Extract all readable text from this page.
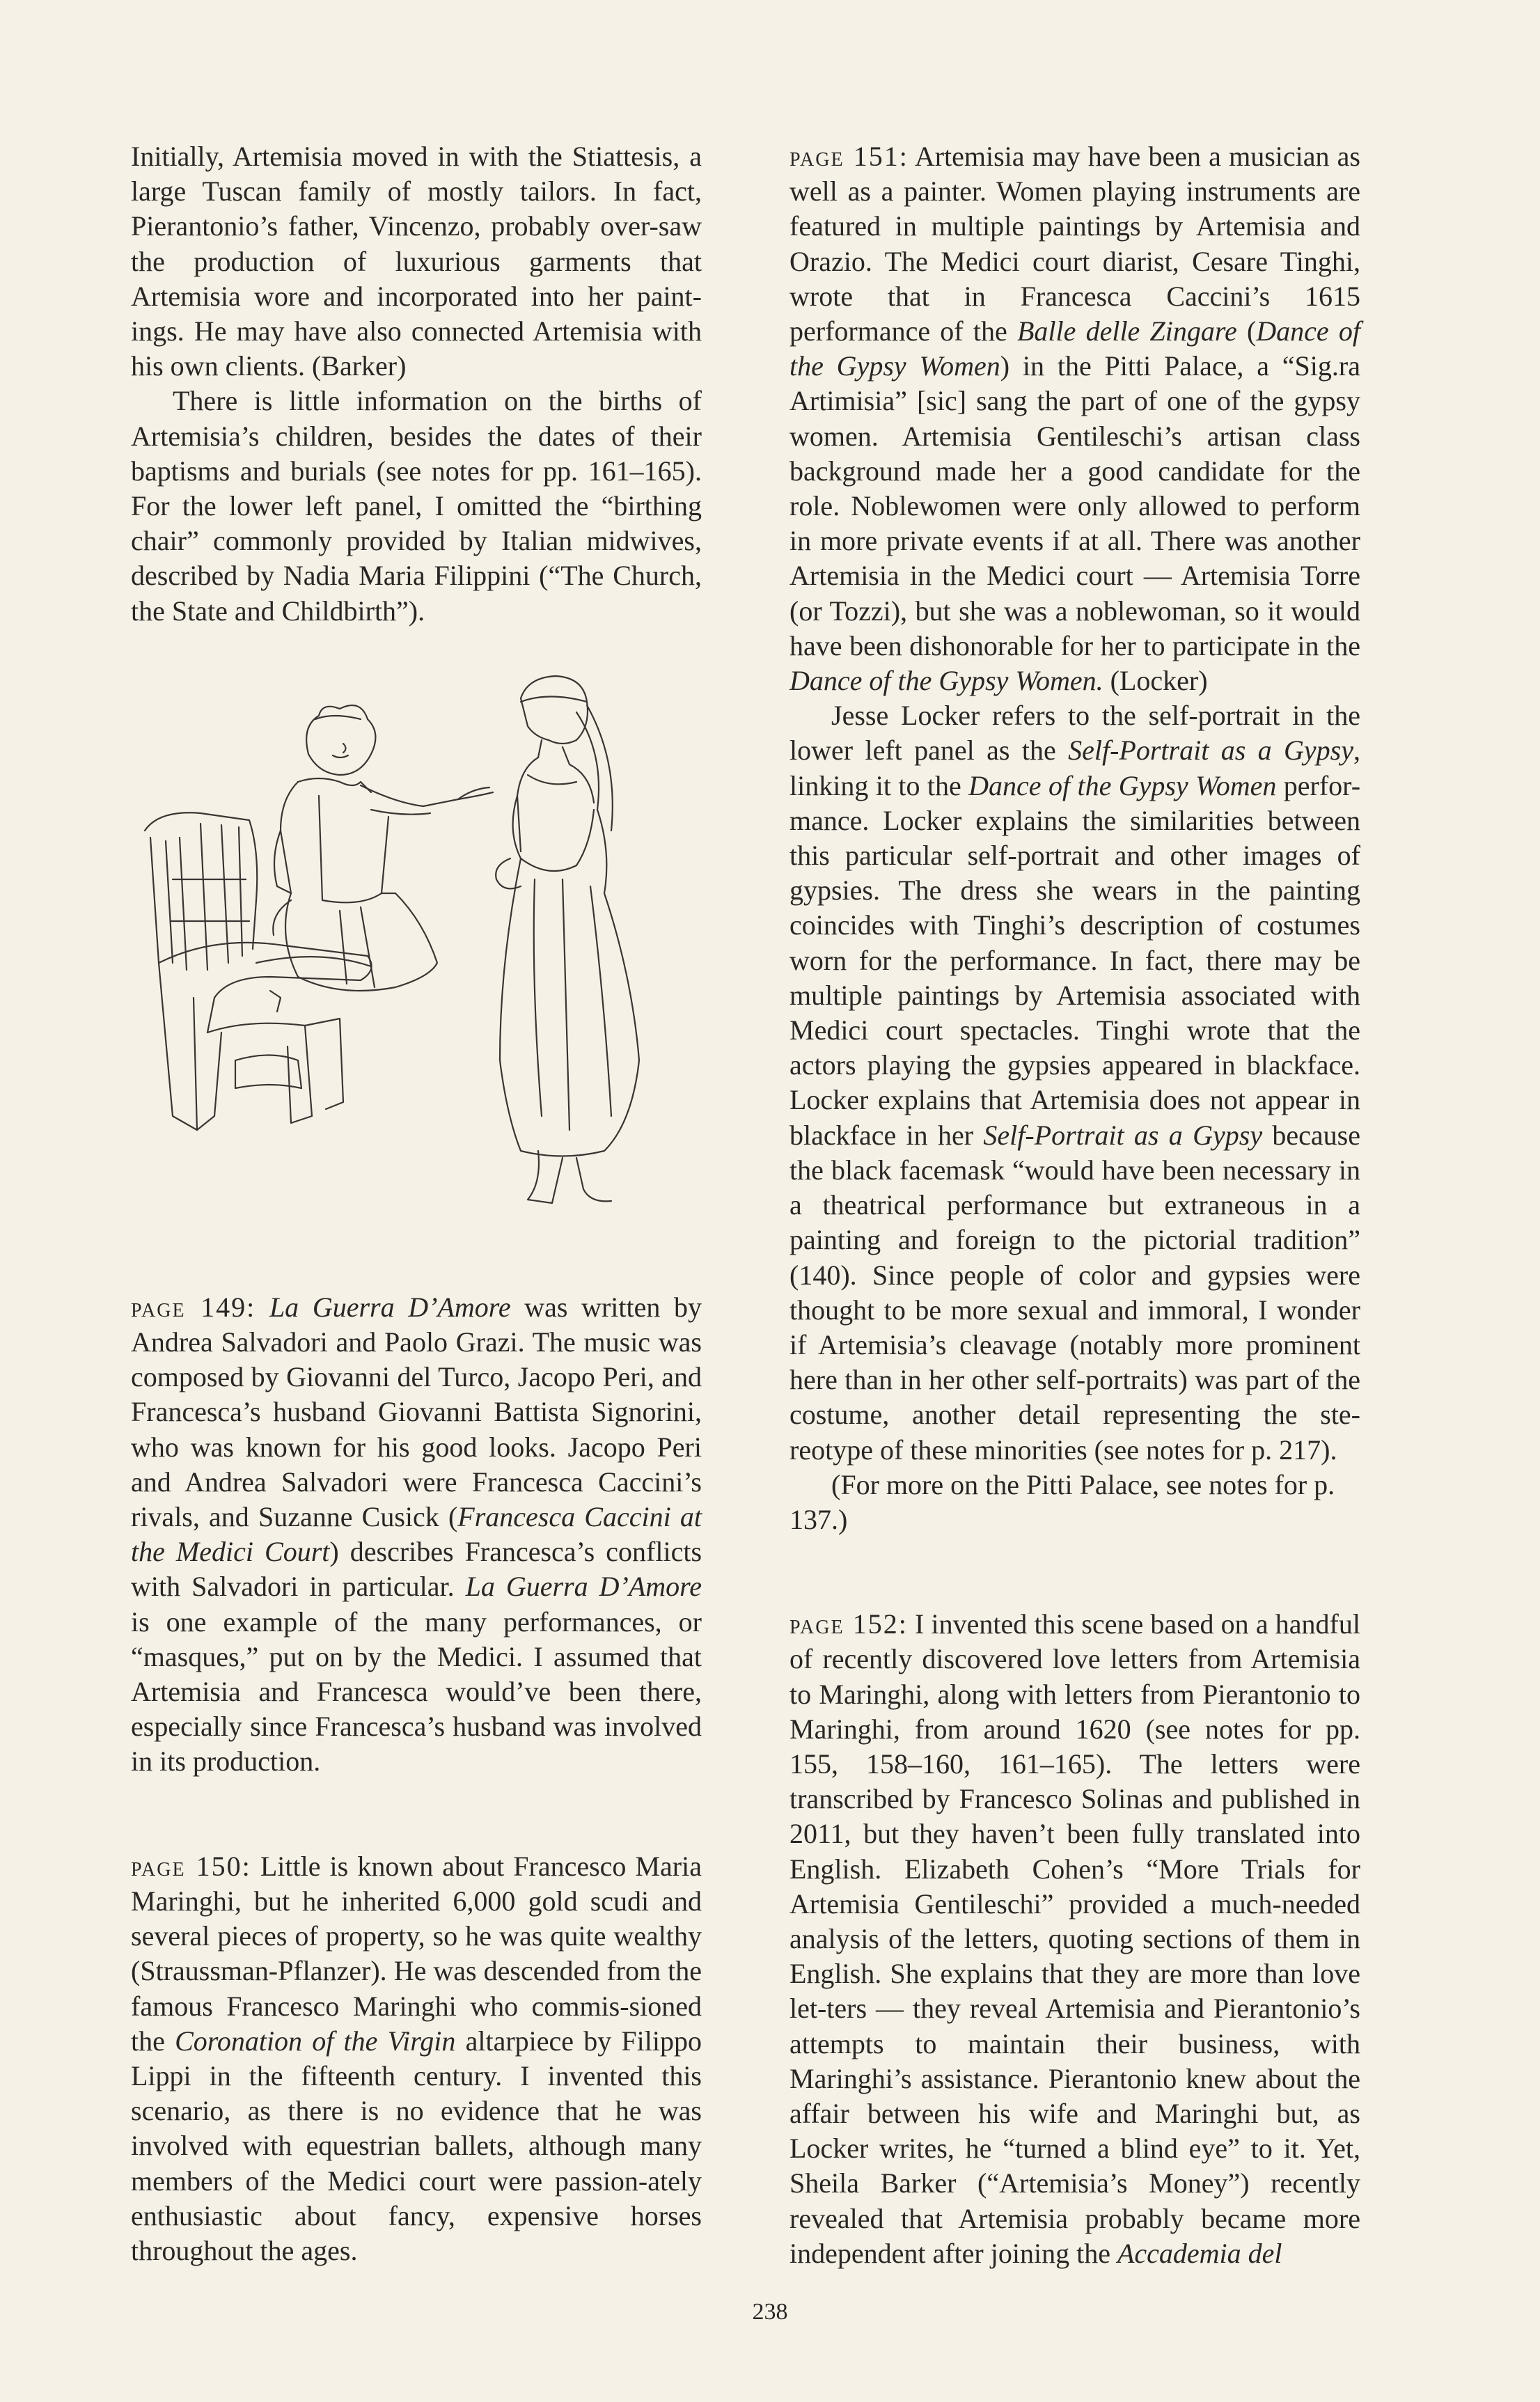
Initially, Artemisia moved in with the Stiattesis, a large Tuscan family of mostly tailors. In fact, Pierantonio’s father, Vincenzo, probably over-saw the production of luxurious garments that Artemisia wore and incorporated into her paint-ings. He may have also connected Artemisia with his own clients. (Barker)

There is little information on the births of Artemisia’s children, besides the dates of their baptisms and burials (see notes for pp. 161–165). For the lower left panel, I omitted the “birthing chair” commonly provided by Italian midwives, described by Nadia Maria Filippini (“The Church, the State and Childbirth”).

page 149: La Guerra D’Amore was written by Andrea Salvadori and Paolo Grazi. The music was composed by Giovanni del Turco, Jacopo Peri, and Francesca’s husband Giovanni Battista Signorini, who was known for his good looks. Jacopo Peri and Andrea Salvadori were Francesca Caccini’s rivals, and Suzanne Cusick (Francesca Caccini at the Medici Court) describes Francesca’s conflicts with Salvadori in particular. La Guerra D’Amore is one example of the many performances, or “masques,” put on by the Medici. I assumed that Artemisia and Francesca would’ve been there, especially since Francesca’s husband was involved in its production.

page 150: Little is known about Francesco Maria Maringhi, but he inherited 6,000 gold scudi and several pieces of property, so he was quite wealthy (Straussman-Pflanzer). He was descended from the famous Francesco Maringhi who commis-sioned the Coronation of the Virgin altarpiece by Filippo Lippi in the fifteenth century. I invented this scenario, as there is no evidence that he was involved with equestrian ballets, although many members of the Medici court were passion-ately enthusiastic about fancy, expensive horses throughout the ages.

page 151: Artemisia may have been a musician as well as a painter. Women playing instruments are featured in multiple paintings by Artemisia and Orazio. The Medici court diarist, Cesare Tinghi, wrote that in Francesca Caccini’s 1615 performance of the Balle delle Zingare (Dance of the Gypsy Women) in the Pitti Palace, a “Sig.ra Artimisia” [sic] sang the part of one of the gypsy women. Artemisia Gentileschi’s artisan class background made her a good candidate for the role. Noblewomen were only allowed to perform in more private events if at all. There was another Artemisia in the Medici court — Artemisia Torre (or Tozzi), but she was a noblewoman, so it would have been dishonorable for her to participate in the Dance of the Gypsy Women. (Locker)

Jesse Locker refers to the self-portrait in the lower left panel as the Self-Portrait as a Gypsy, linking it to the Dance of the Gypsy Women perfor-mance. Locker explains the similarities between this particular self-portrait and other images of gypsies. The dress she wears in the painting coincides with Tinghi’s description of costumes worn for the performance. In fact, there may be multiple paintings by Artemisia associated with Medici court spectacles. Tinghi wrote that the actors playing the gypsies appeared in blackface. Locker explains that Artemisia does not appear in blackface in her Self-Portrait as a Gypsy because the black facemask “would have been necessary in a theatrical performance but extraneous in a painting and foreign to the pictorial tradition” (140). Since people of color and gypsies were thought to be more sexual and immoral, I wonder if Artemisia’s cleavage (notably more prominent here than in her other self-portraits) was part of the costume, another detail representing the ste-reotype of these minorities (see notes for p. 217).

(For more on the Pitti Palace, see notes for p. 137.)

page 152: I invented this scene based on a handful of recently discovered love letters from Artemisia to Maringhi, along with letters from Pierantonio to Maringhi, from around 1620 (see notes for pp. 155, 158–160, 161–165). The letters were transcribed by Francesco Solinas and published in 2011, but they haven’t been fully translated into English. Elizabeth Cohen’s “More Trials for Artemisia Gentileschi” provided a much-needed analysis of the letters, quoting sections of them in English. She explains that they are more than love let-ters — they reveal Artemisia and Pierantonio’s attempts to maintain their business, with Maringhi’s assistance. Pierantonio knew about the affair between his wife and Maringhi but, as Locker writes, he “turned a blind eye” to it. Yet, Sheila Barker (“Artemisia’s Money”) recently revealed that Artemisia probably became more independent after joining the Accademia del

238
